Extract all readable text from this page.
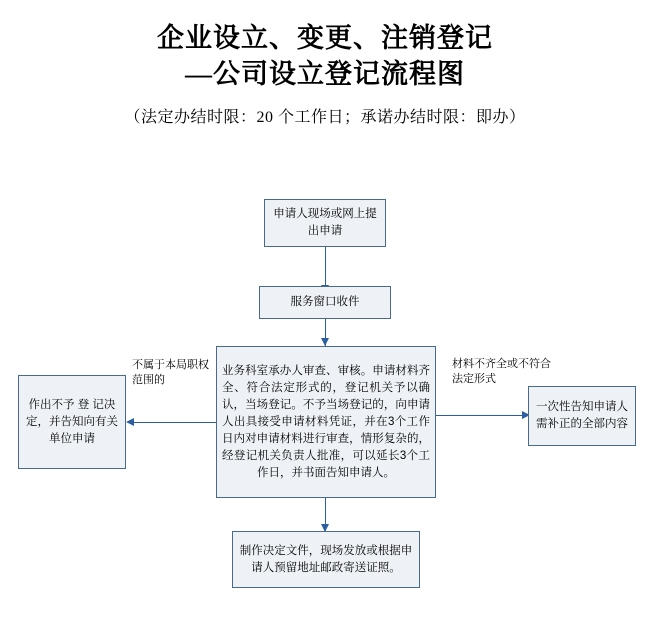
企业设立、变更、注销登记
—公司设立登记流程图
（法定办结时限：20 个工作日；承诺办结时限：即办）
申请人现场或网上提出申请
服务窗口收件
业务科室承办人审查、审核。申请材料齐全、符合法定形式的，登记机关予以确认，当场登记。不予当场登记的，向申请人出具接受申请材料凭证，并在3个工作日内对申请材料进行审查，情形复杂的，经登记机关负责人批准，可以延长3个工作日，并书面告知申请人。
不属于本局职权范围的
作出不予 登 记决定，并告知向有关单位申请
材料不齐全或不符合法定形式
一次性告知申请人需补正的全部内容
制作决定文件，现场发放或根据申请人预留地址邮政寄送证照。
